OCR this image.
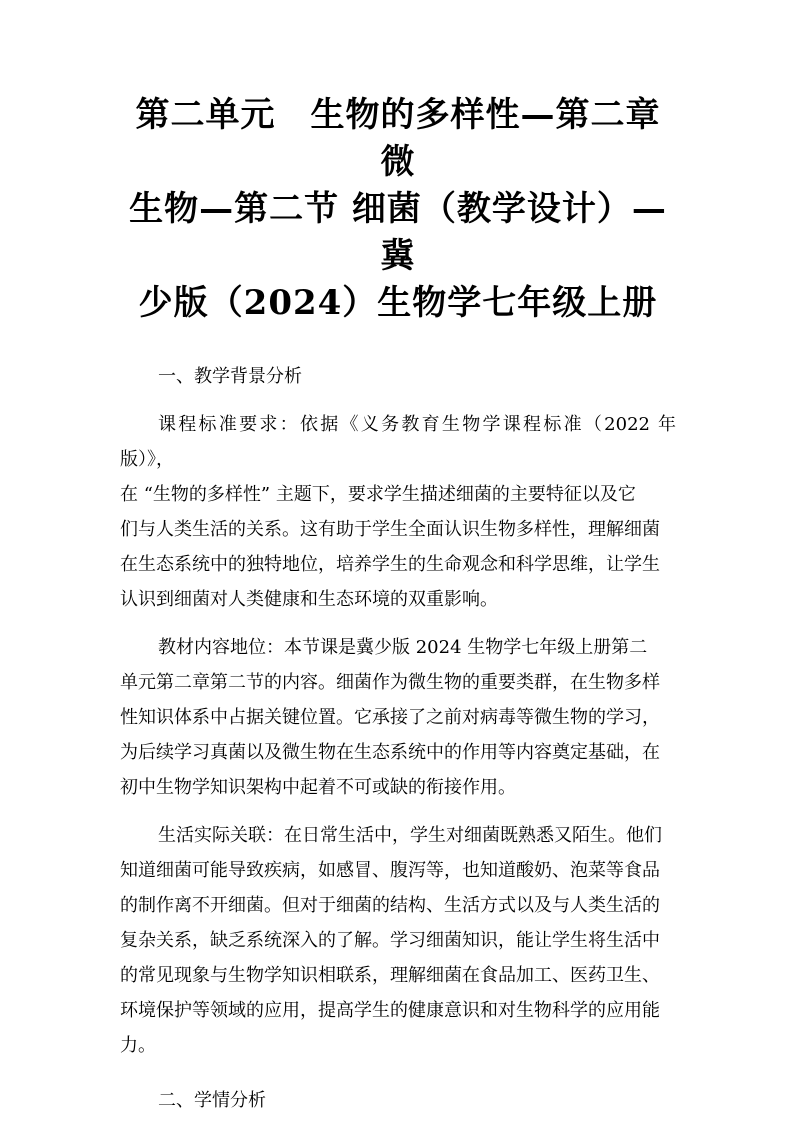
第二单元　生物的多样性—第二章 微
生物—第二节 细菌（教学设计）—冀
少版（2024）生物学七年级上册

一、教学背景分析

课程标准要求：依据《义务教育生物学课程标准（2022 年版）》，
在 “生物的多样性” 主题下，要求学生描述细菌的主要特征以及它
们与人类生活的关系。这有助于学生全面认识生物多样性，理解细菌
在生态系统中的独特地位，培养学生的生命观念和科学思维，让学生
认识到细菌对人类健康和生态环境的双重影响。

教材内容地位：本节课是冀少版 2024 生物学七年级上册第二
单元第二章第二节的内容。细菌作为微生物的重要类群，在生物多样
性知识体系中占据关键位置。它承接了之前对病毒等微生物的学习，
为后续学习真菌以及微生物在生态系统中的作用等内容奠定基础，在
初中生物学知识架构中起着不可或缺的衔接作用。

生活实际关联：在日常生活中，学生对细菌既熟悉又陌生。他们
知道细菌可能导致疾病，如感冒、腹泻等，也知道酸奶、泡菜等食品
的制作离不开细菌。但对于细菌的结构、生活方式以及与人类生活的
复杂关系，缺乏系统深入的了解。学习细菌知识，能让学生将生活中
的常见现象与生物学知识相联系，理解细菌在食品加工、医药卫生、
环境保护等领域的应用，提高学生的健康意识和对生物科学的应用能
力。

二、学情分析
